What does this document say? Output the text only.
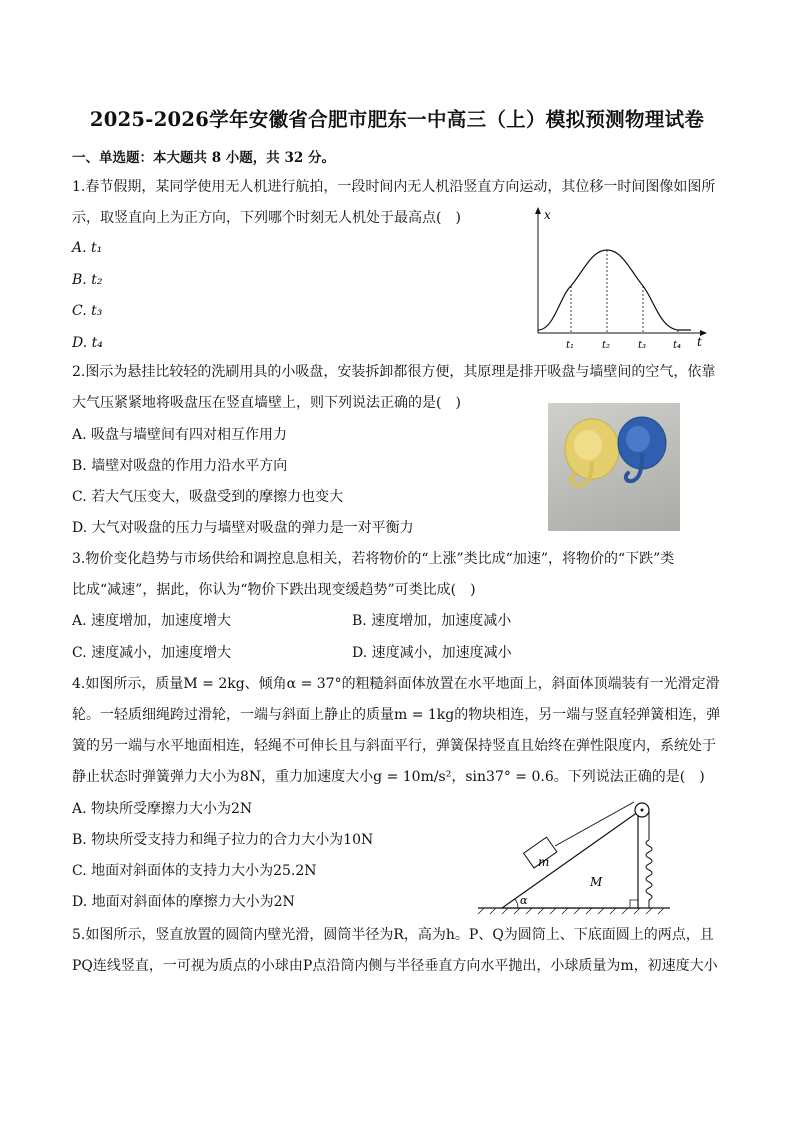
2025-2026学年安徽省合肥市肥东一中高三（上）模拟预测物理试卷
一、单选题：本大题共 8 小题，共 32 分。

1.春节假期，某同学使用无人机进行航拍，一段时间内无人机沿竖直方向运动，其位移一时间图像如图所

示，取竖直向上为正方向，下列哪个时刻无人机处于最高点(　)

A. t₁
B. t₂
C. t₃
D. t₄
x
t
t₁	t₂	t₃	t₄

2.图示为悬挂比较轻的洗刷用具的小吸盘，安装拆卸都很方便，其原理是排开吸盘与墙壁间的空气，依靠

大气压紧紧地将吸盘压在竖直墙壁上，则下列说法正确的是(　)

A. 吸盘与墙壁间有四对相互作用力
B. 墙壁对吸盘的作用力沿水平方向
C. 若大气压变大，吸盘受到的摩擦力也变大
D. 大气对吸盘的压力与墙壁对吸盘的弹力是一对平衡力

3.物价变化趋势与市场供给和调控息息相关，若将物价的“上涨”类比成“加速”，将物价的“下跌”类

比成“减速”，据此，你认为“物价下跌出现变缓趋势”可类比成(　)

A. 速度增加，加速度增大	B. 速度增加，加速度减小
C. 速度减小，加速度增大	D. 速度减小，加速度减小

4.如图所示，质量M = 2kg、倾角α = 37°的粗糙斜面体放置在水平地面上，斜面体顶端装有一光滑定滑

轮。一轻质细绳跨过滑轮，一端与斜面上静止的质量m = 1kg的物块相连，另一端与竖直轻弹簧相连，弹

簧的另一端与水平地面相连，轻绳不可伸长且与斜面平行，弹簧保持竖直且始终在弹性限度内，系统处于

静止状态时弹簧弹力大小为8N，重力加速度大小g = 10m/s²，sin37° = 0.6。下列说法正确的是(　)

A. 物块所受摩擦力大小为2N
B. 物块所受支持力和绳子拉力的合力大小为10N
C. 地面对斜面体的支持力大小为25.2N
D. 地面对斜面体的摩擦力大小为2N	α
m
M

5.如图所示，竖直放置的圆筒内壁光滑，圆筒半径为R，高为h。P、Q为圆筒上、下底面圆上的两点，且

PQ连线竖直，一可视为质点的小球由P点沿筒内侧与半径垂直方向水平抛出，小球质量为m，初速度大小
